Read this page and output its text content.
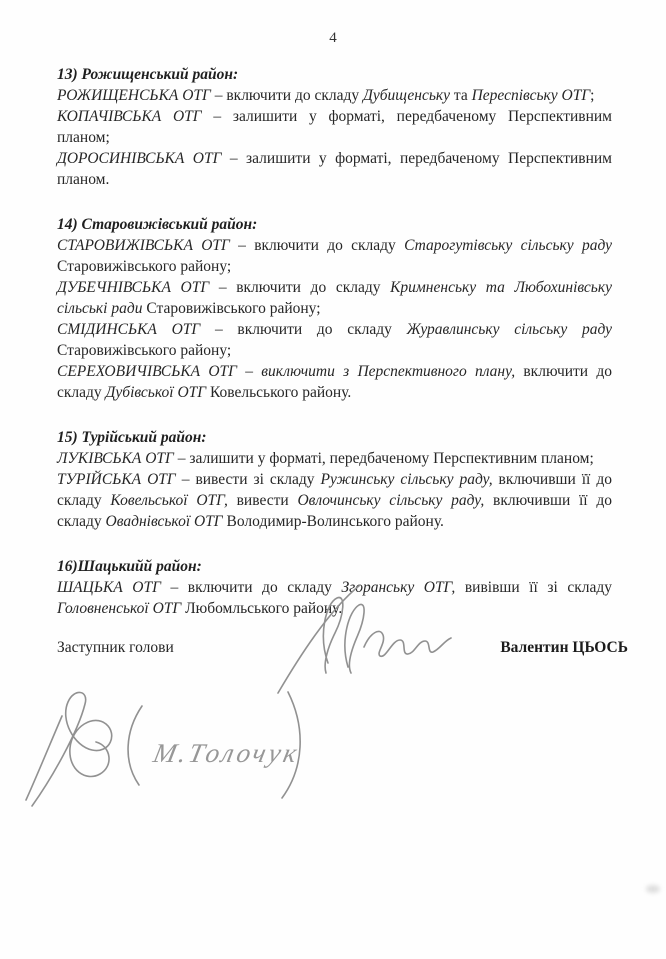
4
13) Рожищенський район:

РОЖИЩЕНСЬКА ОТГ – включити до складу Дубищенську та Переспівську ОТГ;

КОПАЧІВСЬКА ОТГ – залишити у форматі, передбаченому Перспективним планом;

ДОРОСИНІВСЬКА ОТГ – залишити у форматі, передбаченому Перспективним планом.

14) Старовижівський район:

СТАРОВИЖІВСЬКА ОТГ – включити до складу Старогутівську сільську раду Старовижівського району;

ДУБЕЧНІВСЬКА ОТГ – включити до складу Кримненську та Любохинівську сільські ради Старовижівського району;

СМІДИНСЬКА ОТГ – включити до складу Журавлинську сільську раду Старовижівського району;

СЕРЕХОВИЧІВСЬКА ОТГ – виключити з Перспективного плану, включити до складу Дубівської ОТГ Ковельського району.

15) Турійський район:

ЛУКІВСЬКА ОТГ – залишити у форматі, передбаченому Перспективним планом;

ТУРІЙСЬКА ОТГ – вивести зі складу Ружинську сільську раду, включивши її до складу Ковельської ОТГ, вивести Овлочинську сільську раду, включивши її до складу Оваднівської ОТГ Володимир-Волинського району.

16)Шацькийй район:

ШАЦЬКА ОТГ – включити до складу Згоранську ОТГ, вивівши її зі складу Головненської ОТГ Любомльського району.

Заступник голови	Валентин ЦЬОСЬ
М.Толочук
